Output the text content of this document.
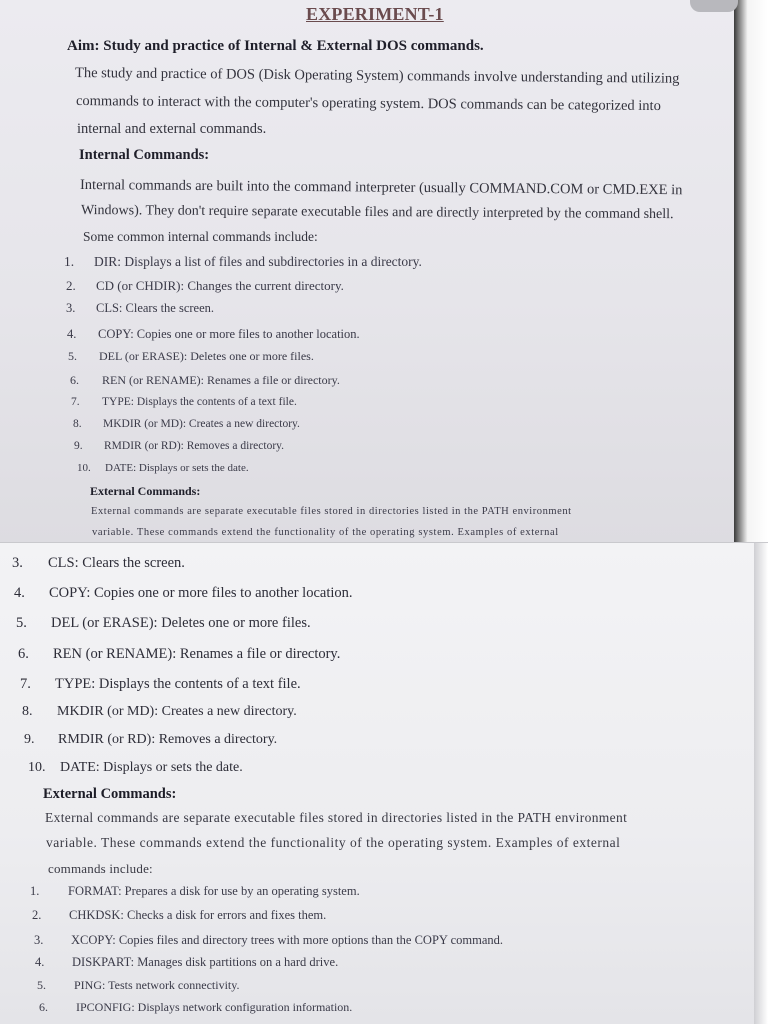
EXPERIMENT-1
Aim: Study and practice of Internal & External DOS commands.
The study and practice of DOS (Disk Operating System) commands involve understanding and utilizing
commands to interact with the computer's operating system. DOS commands can be categorized into
internal and external commands.
Internal Commands:
Internal commands are built into the command interpreter (usually COMMAND.COM or CMD.EXE in
Windows). They don't require separate executable files and are directly interpreted by the command shell.
Some common internal commands include:
1. DIR: Displays a list of files and subdirectories in a directory.
2. CD (or CHDIR): Changes the current directory.
3. CLS: Clears the screen.
4. COPY: Copies one or more files to another location.
5. DEL (or ERASE): Deletes one or more files.
6. REN (or RENAME): Renames a file or directory.
7. TYPE: Displays the contents of a text file.
8. MKDIR (or MD): Creates a new directory.
9. RMDIR (or RD): Removes a directory.
10. DATE: Displays or sets the date.
External Commands:
External commands are separate executable files stored in directories listed in the PATH environment
variable. These commands extend the functionality of the operating system. Examples of external
3. CLS: Clears the screen.
4. COPY: Copies one or more files to another location.
5. DEL (or ERASE): Deletes one or more files.
6. REN (or RENAME): Renames a file or directory.
7. TYPE: Displays the contents of a text file.
8. MKDIR (or MD): Creates a new directory.
9. RMDIR (or RD): Removes a directory.
10. DATE: Displays or sets the date.
External Commands:
External commands are separate executable files stored in directories listed in the PATH environment
variable. These commands extend the functionality of the operating system. Examples of external
commands include:
1. FORMAT: Prepares a disk for use by an operating system.
2. CHKDSK: Checks a disk for errors and fixes them.
3. XCOPY: Copies files and directory trees with more options than the COPY command.
4. DISKPART: Manages disk partitions on a hard drive.
5. PING: Tests network connectivity.
6. IPCONFIG: Displays network configuration information.
